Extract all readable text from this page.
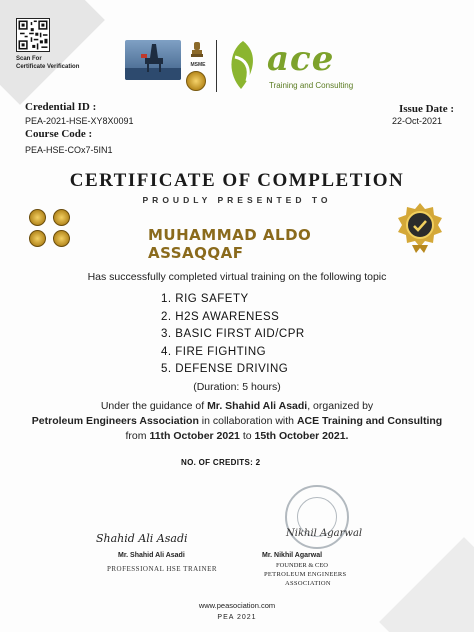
Scan For
Certificate Verification	MSME ace
Training and Consulting
Credential ID :
PEA-2021-HSE-XY8X0091
Course Code :
PEA-HSE-COx7-5IN1
Issue Date :
22-Oct-2021
CERTIFICATE OF COMPLETION
PROUDLY PRESENTED TO
MUHAMMAD ALDO
ASSAQQAF
Has successfully completed virtual training on the following topic
1. RIG SAFETY
2. H2S AWARENESS
3. BASIC FIRST AID/CPR
4. FIRE FIGHTING
5. DEFENSE DRIVING
(Duration: 5 hours)
Under the guidance of Mr. Shahid Ali Asadi, organized by
Petroleum Engineers Association in collaboration with ACE Training and Consulting from 11th October 2021 to 15th October 2021.
NO. OF CREDITS: 2
Shahid Ali Asadi
Mr. Shahid Ali Asadi
PROFESSIONAL HSE TRAINER
Nikhil Agarwal
Mr. Nikhil Agarwal
FOUNDER & CEO
PETROLEUM ENGINEERS
ASSOCIATION
www.peasociation.com
PEA 2021
